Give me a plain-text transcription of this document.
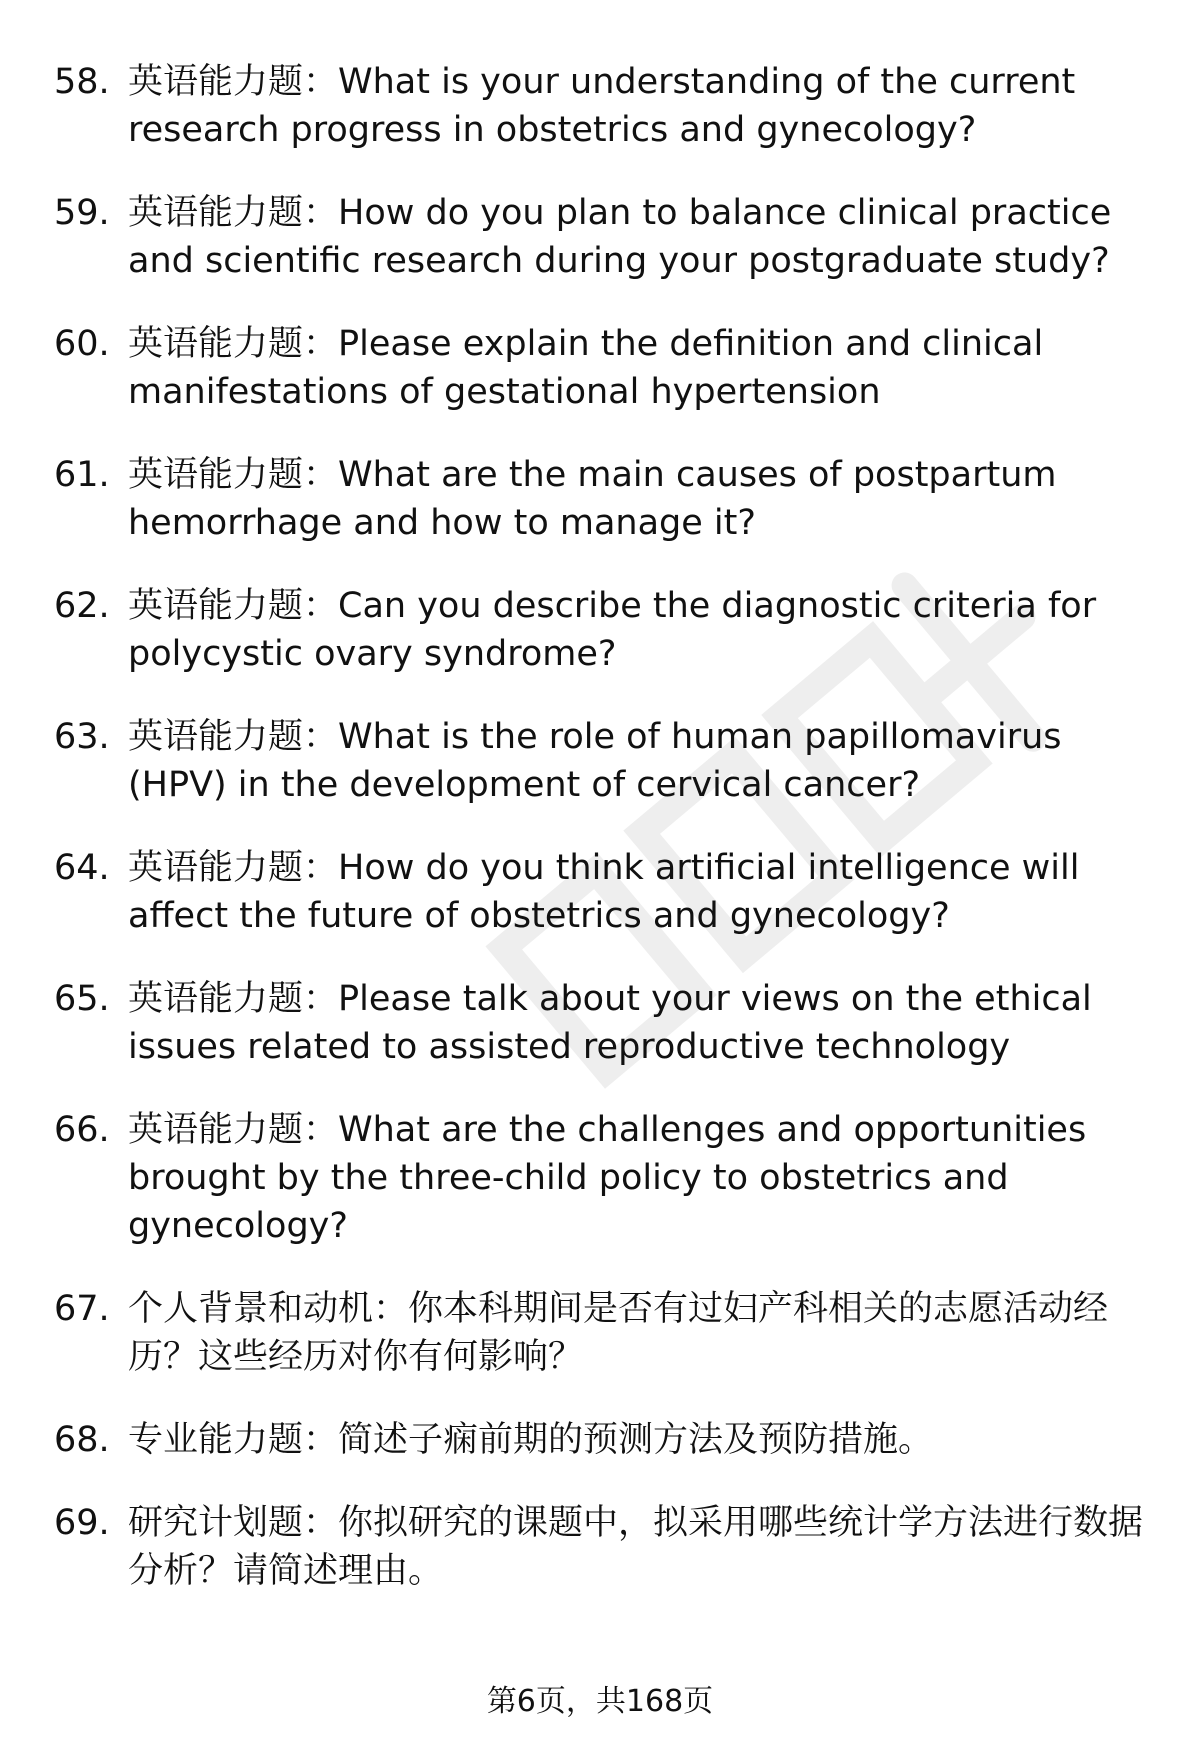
58. 英语能力题：What is your understanding of the current research progress in obstetrics and gynecology?
59. 英语能力题：How do you plan to balance clinical practice and scientific research during your postgraduate study?
60. 英语能力题：Please explain the definition and clinical manifestations of gestational hypertension
61. 英语能力题：What are the main causes of postpartum hemorrhage and how to manage it?
62. 英语能力题：Can you describe the diagnostic criteria for polycystic ovary syndrome?
63. 英语能力题：What is the role of human papillomavirus (HPV) in the development of cervical cancer?
64. 英语能力题：How do you think artificial intelligence will affect the future of obstetrics and gynecology?
65. 英语能力题：Please talk about your views on the ethical issues related to assisted reproductive technology
66. 英语能力题：What are the challenges and opportunities brought by the three-child policy to obstetrics and gynecology?
67. 个人背景和动机：你本科期间是否有过妇产科相关的志愿活动经历？这些经历对你有何影响？
68. 专业能力题：简述子痫前期的预测方法及预防措施。
69. 研究计划题：你拟研究的课题中，拟采用哪些统计学方法进行数据分析？请简述理由。
第6页，共168页
